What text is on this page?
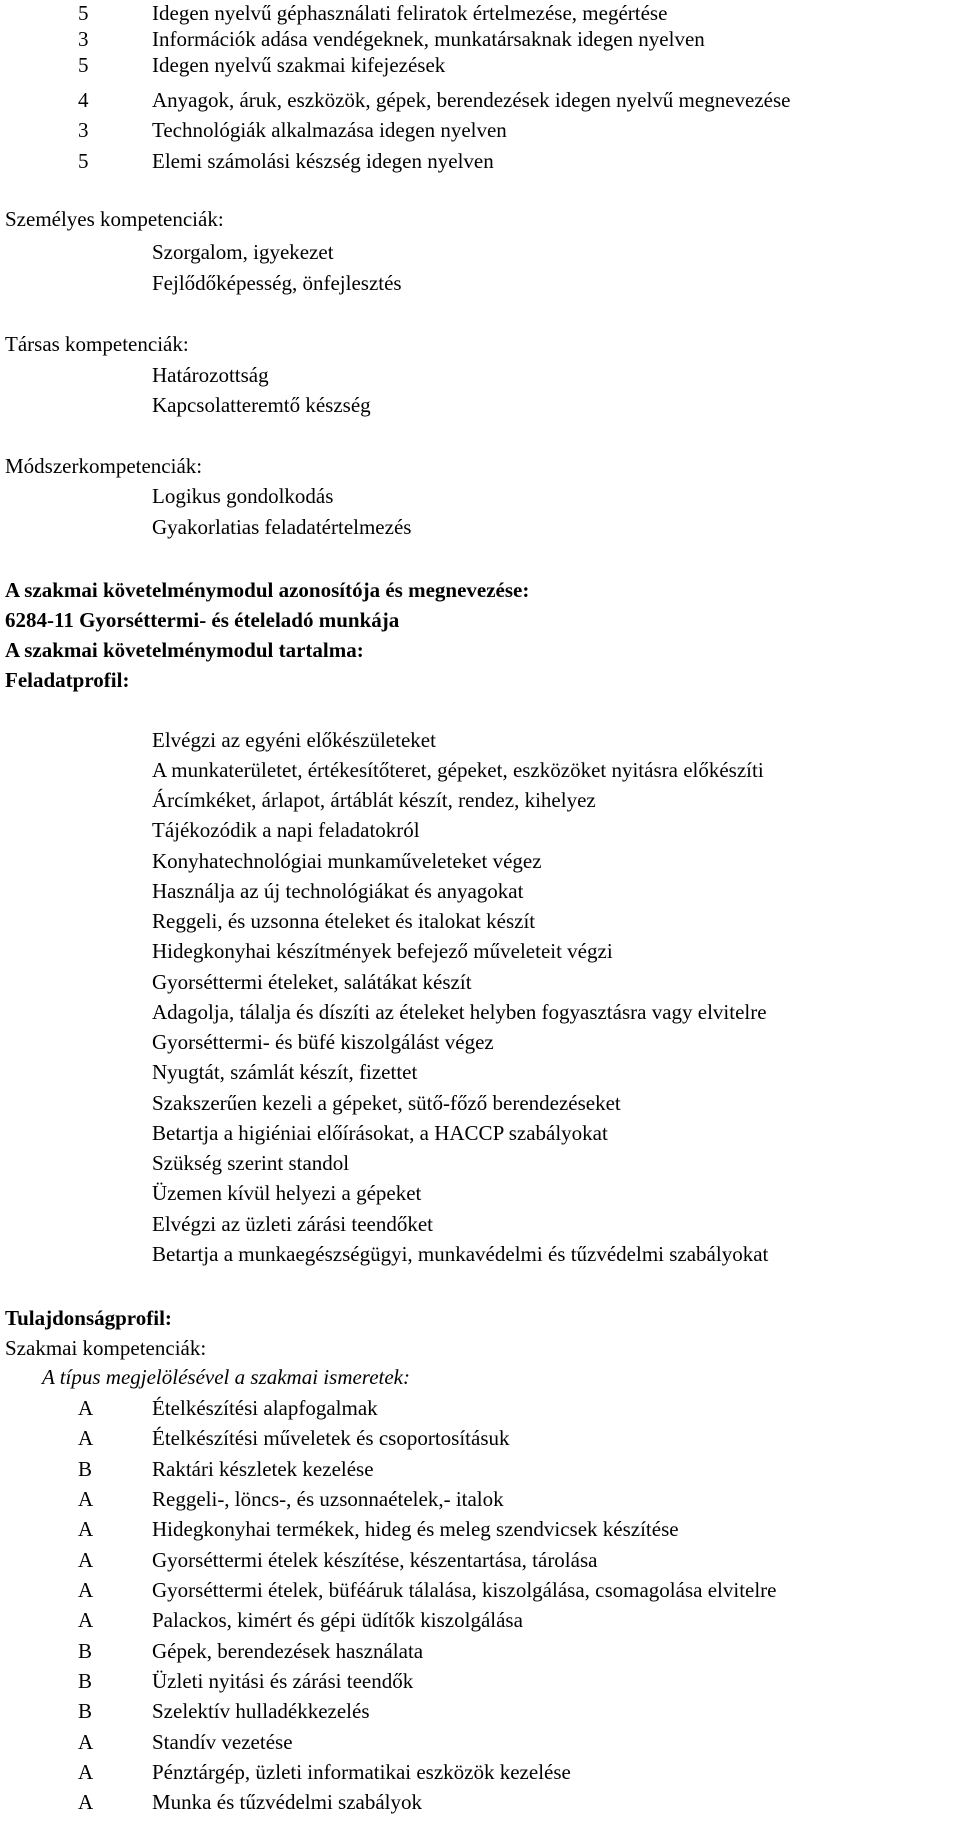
5	Idegen nyelvű géphasználati feliratok értelmezése, megértése
3	Információk adása vendégeknek, munkatársaknak idegen nyelven
5	Idegen nyelvű szakmai kifejezések
4	Anyagok, áruk, eszközök, gépek, berendezések idegen nyelvű megnevezése
3	Technológiák alkalmazása idegen nyelven
5	Elemi számolási készség idegen nyelven
Személyes kompetenciák:
Szorgalom, igyekezet
Fejlődőképesség, önfejlesztés
Társas kompetenciák:
Határozottság
Kapcsolatteremtő készség
Módszerkompetenciák:
Logikus gondolkodás
Gyakorlatias feladatértelmezés
A szakmai követelménymodul azonosítója és megnevezése:
6284-11 Gyorséttermi- és ételeladó munkája
A szakmai követelménymodul tartalma:
Feladatprofil:
Elvégzi az egyéni előkészületeket
A munkaterületet, értékesítőteret, gépeket, eszközöket nyitásra előkészíti
Árcímkéket, árlapot, ártáblát készít, rendez, kihelyez
Tájékozódik a napi feladatokról
Konyhatechnológiai munkaműveleteket végez
Használja az új technológiákat és anyagokat
Reggeli, és uzsonna ételeket és italokat készít
Hidegkonyhai készítmények befejező műveleteit végzi
Gyorséttermi ételeket, salátákat készít
Adagolja, tálalja és díszíti az ételeket helyben fogyasztásra vagy elvitelre
Gyorséttermi- és büfé kiszolgálást végez
Nyugtát, számlát készít, fizettet
Szakszerűen kezeli a gépeket, sütő-főző berendezéseket
Betartja a higiéniai előírásokat, a HACCP szabályokat
Szükség szerint standol
Üzemen kívül helyezi a gépeket
Elvégzi az üzleti zárási teendőket
Betartja a munkaegészségügyi, munkavédelmi és tűzvédelmi szabályokat
Tulajdonságprofil:
Szakmai kompetenciák:
A típus megjelölésével a szakmai ismeretek:
A	Ételkészítési alapfogalmak
A	Ételkészítési műveletek és csoportosításuk
B	Raktári készletek kezelése
A	Reggeli-, löncs-, és uzsonnaételek,- italok
A	Hidegkonyhai termékek, hideg és meleg szendvicsek készítése
A	Gyorséttermi ételek készítése, készentartása, tárolása
A	Gyorséttermi ételek, büféáruk tálalása, kiszolgálása, csomagolása elvitelre
A	Palackos, kimért és gépi üdítők kiszolgálása
B	Gépek, berendezések használata
B	Üzleti nyitási és zárási teendők
B	Szelektív hulladékkezelés
A	Standív vezetése
A	Pénztárgép, üzleti informatikai eszközök kezelése
A	Munka és tűzvédelmi szabályok
